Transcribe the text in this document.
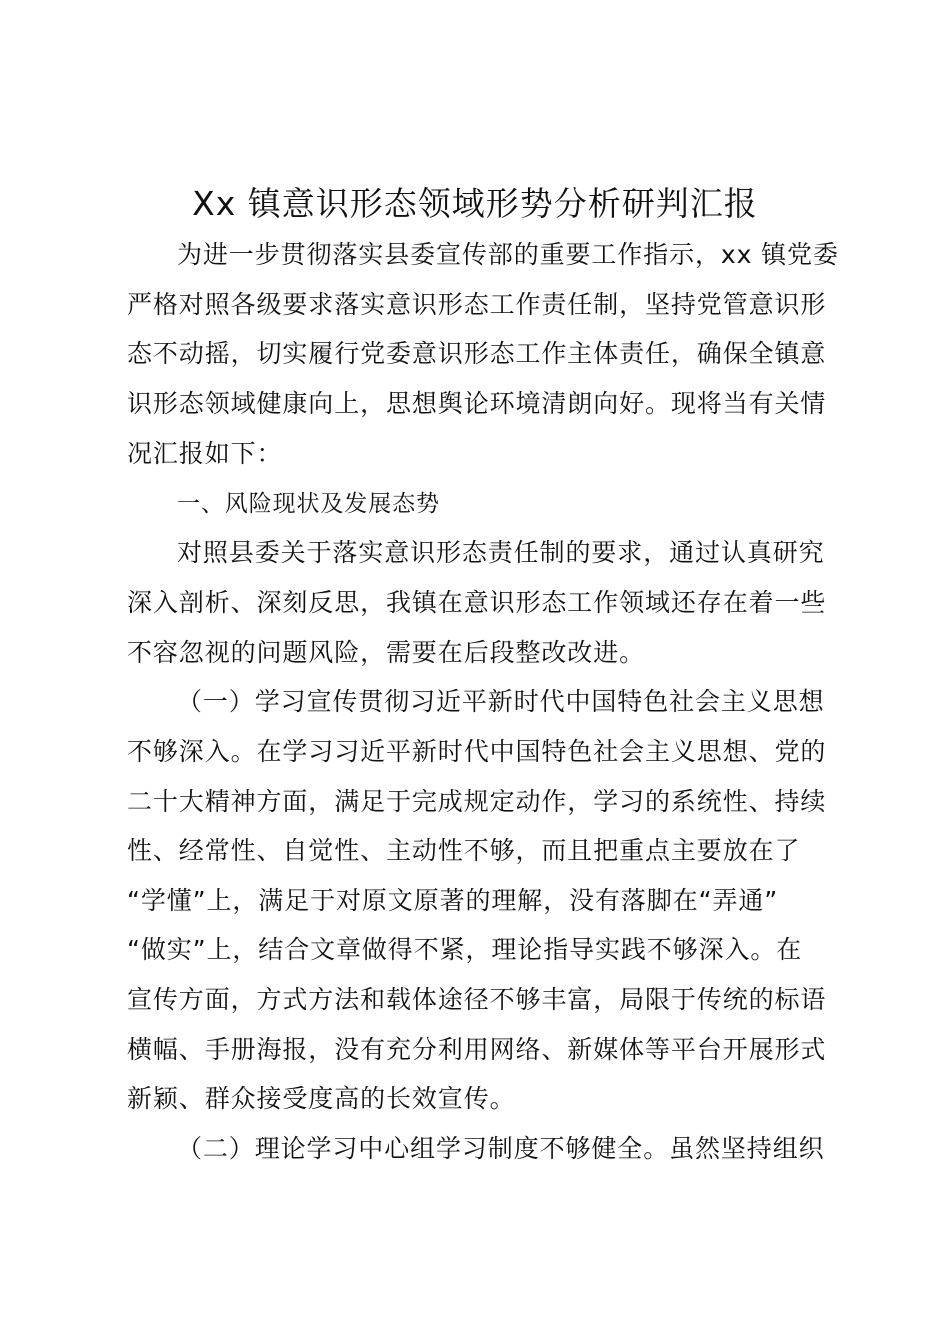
Xx 镇意识形态领域形势分析研判汇报
为进一步贯彻落实县委宣传部的重要工作指示，xx 镇党委
严格对照各级要求落实意识形态工作责任制，坚持党管意识形
态不动摇，切实履行党委意识形态工作主体责任，确保全镇意
识形态领域健康向上，思想舆论环境清朗向好。现将当有关情
况汇报如下：
一、风险现状及发展态势
对照县委关于落实意识形态责任制的要求，通过认真研究
深入剖析、深刻反思，我镇在意识形态工作领域还存在着一些
不容忽视的问题风险，需要在后段整改改进。
（一）学习宣传贯彻习近平新时代中国特色社会主义思想
不够深入。在学习习近平新时代中国特色社会主义思想、党的
二十大精神方面，满足于完成规定动作，学习的系统性、持续
性、经常性、自觉性、主动性不够，而且把重点主要放在了
“学懂”上，满足于对原文原著的理解，没有落脚在“弄通”
“做实”上，结合文章做得不紧，理论指导实践不够深入。在
宣传方面，方式方法和载体途径不够丰富，局限于传统的标语
横幅、手册海报，没有充分利用网络、新媒体等平台开展形式
新颖、群众接受度高的长效宣传。
（二）理论学习中心组学习制度不够健全。虽然坚持组织
